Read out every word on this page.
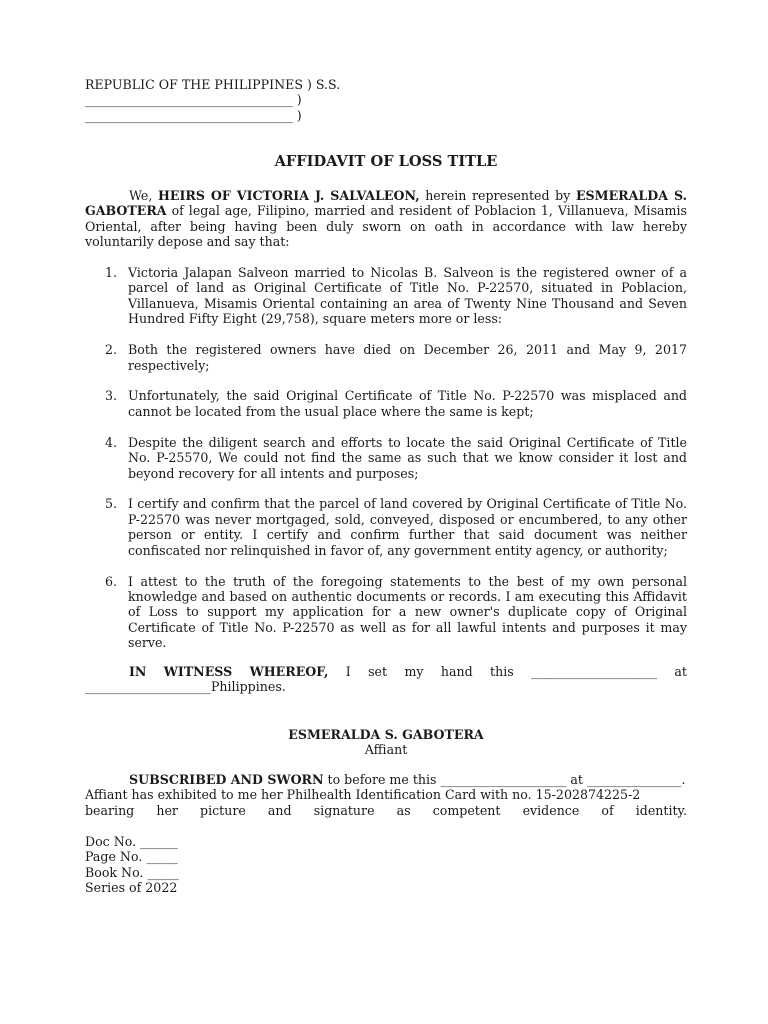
REPUBLIC OF THE PHILIPPINES ) S.S.
_________________________________ )
_________________________________ )
AFFIDAVIT OF LOSS TITLE
We, HEIRS OF VICTORIA J. SALVALEON, herein represented by ESMERALDA S. GABOTERA of legal age, Filipino, married and resident of Poblacion 1, Villanueva, Misamis Oriental, after being having been duly sworn on oath in accordance with law hereby voluntarily depose and say that:
1. Victoria Jalapan Salveon married to Nicolas B. Salveon is the registered owner of a parcel of land as Original Certificate of Title No. P-22570, situated in Poblacion, Villanueva, Misamis Oriental containing an area of Twenty Nine Thousand and Seven Hundred Fifty Eight (29,758), square meters more or less:
2. Both the registered owners have died on December 26, 2011 and May 9, 2017 respectively;
3. Unfortunately, the said Original Certificate of Title No. P-22570 was misplaced and cannot be located from the usual place where the same is kept;
4. Despite the diligent search and efforts to locate the said Original Certificate of Title No. P-25570, We could not find the same as such that we know consider it lost and beyond recovery for all intents and purposes;
5. I certify and confirm that the parcel of land covered by Original Certificate of Title No. P-22570 was never mortgaged, sold, conveyed, disposed or encumbered, to any other person or entity. I certify and confirm further that said document was neither confiscated nor relinquished in favor of, any government entity agency, or authority;
6. I attest to the truth of the foregoing statements to the best of my own personal knowledge and based on authentic documents or records. I am executing this Affidavit of Loss to support my application for a new owner's duplicate copy of Original Certificate of Title No. P-22570 as well as for all lawful intents and purposes it may serve.
IN WITNESS WHEREOF, I set my hand this ____________________ at
____________________Philippines.
ESMERALDA S. GABOTERA
Affiant
SUBSCRIBED AND SWORN to before me this ____________________ at _______________.
Affiant has exhibited to me her Philhealth Identification Card with no. 15-202874225-2
bearing her picture and signature as competent evidence of identity.
Doc No. ______
Page No. _____
Book No. _____
Series of 2022
